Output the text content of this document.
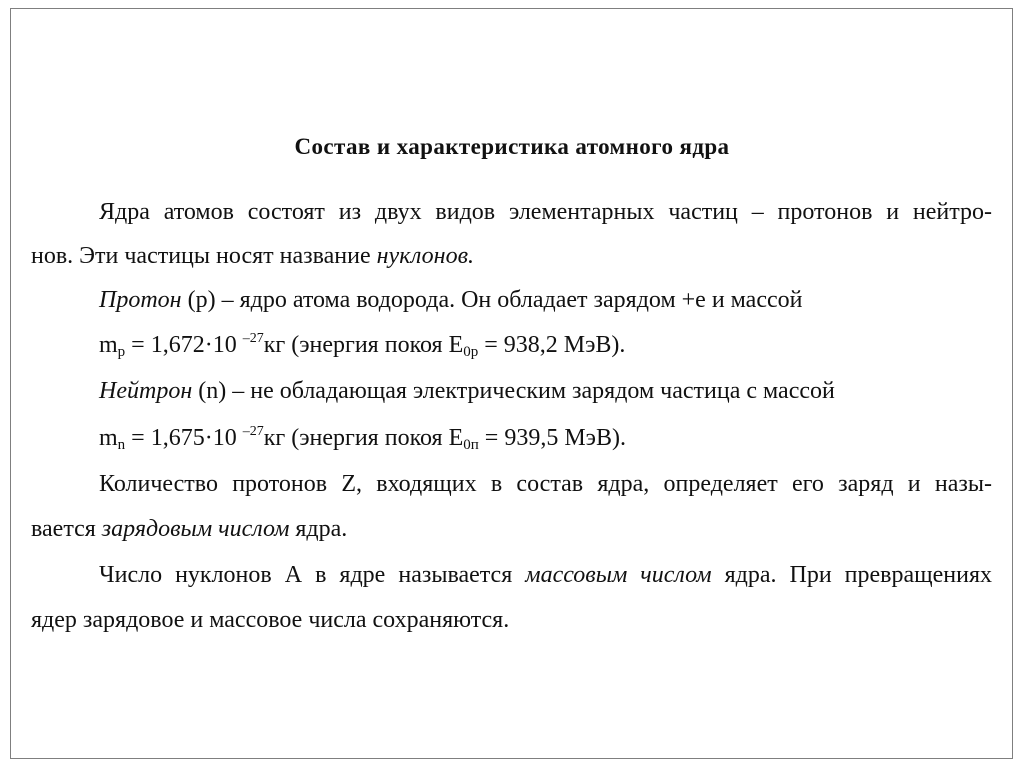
Состав и характеристика атомного ядра
Ядра атомов состоят из двух видов элементарных частиц – протонов и нейтро-
нов. Эти частицы носят название нуклонов.
Протон (p) – ядро атома водорода. Он обладает зарядом +е и массой
$m_p = 1,672\cdot 10$ $^{-27}$кг (энергия покоя $E_{0p} = 938,2$ МэВ).
Нейтрон (n) – не обладающая электрическим зарядом частица с массой
$m_n = 1,675\cdot 10$ $^{-27}$кг (энергия покоя $E_{0п} = 939,5$ МэВ).
Количество протонов Z, входящих в состав ядра, определяет его заряд и назы-
вается зарядовым числом ядра.
Число нуклонов А в ядре называется массовым числом ядра. При превращениях
ядер зарядовое и массовое числа сохраняются.
